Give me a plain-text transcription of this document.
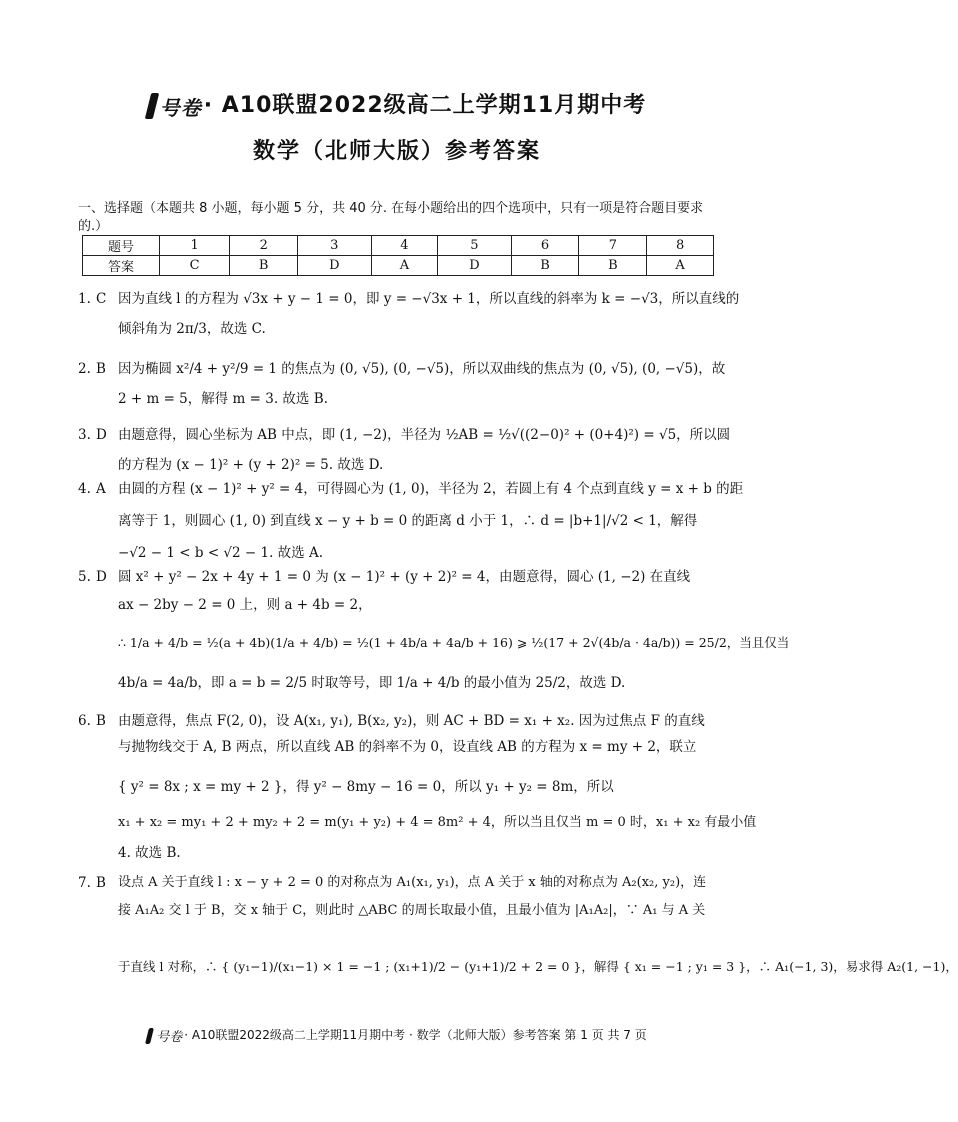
号卷· A10联盟2022级高二上学期11月期中考
数学（北师大版）参考答案
一、选择题（本题共 8 小题，每小题 5 分，共 40 分. 在每小题给出的四个选项中，只有一项是符合题目要求的.）
题号	1	2	3	4	5	6	7	8
答案	C	B	D	A	D	B	B	A
1. C 因为直线 l 的方程为 √3x + y − 1 = 0，即 y = −√3x + 1，所以直线的斜率为 k = −√3，所以直线的
倾斜角为 2π/3，故选 C.
2. B 因为椭圆 x²/4 + y²/9 = 1 的焦点为 (0, √5), (0, −√5)，所以双曲线的焦点为 (0, √5), (0, −√5)，故
2 + m = 5，解得 m = 3. 故选 B.
3. D 由题意得，圆心坐标为 AB 中点，即 (1, −2)，半径为 ½AB = ½√((2−0)² + (0+4)²) = √5，所以圆
的方程为 (x − 1)² + (y + 2)² = 5. 故选 D.
4. A 由圆的方程 (x − 1)² + y² = 4，可得圆心为 (1, 0)，半径为 2，若圆上有 4 个点到直线 y = x + b 的距
离等于 1，则圆心 (1, 0) 到直线 x − y + b = 0 的距离 d 小于 1，∴ d = |b+1|/√2 < 1，解得
−√2 − 1 < b < √2 − 1. 故选 A.
5. D 圆 x² + y² − 2x + 4y + 1 = 0 为 (x − 1)² + (y + 2)² = 4，由题意得，圆心 (1, −2) 在直线
ax − 2by − 2 = 0 上，则 a + 4b = 2，
∴ 1/a + 4/b = ½(a + 4b)(1/a + 4/b) = ½(1 + 4b/a + 4a/b + 16) ⩾ ½(17 + 2√(4b/a · 4a/b)) = 25/2，当且仅当
4b/a = 4a/b，即 a = b = 2/5 时取等号，即 1/a + 4/b 的最小值为 25/2，故选 D.
6. B 由题意得，焦点 F(2, 0)，设 A(x₁, y₁), B(x₂, y₂)，则 AC + BD = x₁ + x₂. 因为过焦点 F 的直线
与抛物线交于 A, B 两点，所以直线 AB 的斜率不为 0，设直线 AB 的方程为 x = my + 2，联立
{ y² = 8x ; x = my + 2 }，得 y² − 8my − 16 = 0，所以 y₁ + y₂ = 8m，所以
x₁ + x₂ = my₁ + 2 + my₂ + 2 = m(y₁ + y₂) + 4 = 8m² + 4，所以当且仅当 m = 0 时，x₁ + x₂ 有最小值
4. 故选 B.
7. B 设点 A 关于直线 l : x − y + 2 = 0 的对称点为 A₁(x₁, y₁)，点 A 关于 x 轴的对称点为 A₂(x₂, y₂)，连
接 A₁A₂ 交 l 于 B，交 x 轴于 C，则此时 △ABC 的周长取最小值，且最小值为 |A₁A₂|，∵ A₁ 与 A 关
于直线 l 对称，∴ { (y₁−1)/(x₁−1) × 1 = −1 ; (x₁+1)/2 − (y₁+1)/2 + 2 = 0 }，解得 { x₁ = −1 ; y₁ = 3 }，∴ A₁(−1, 3)，易求得 A₂(1, −1)，
号卷 · A10联盟2022级高二上学期11月期中考 · 数学（北师大版）参考答案 第 1 页 共 7 页
